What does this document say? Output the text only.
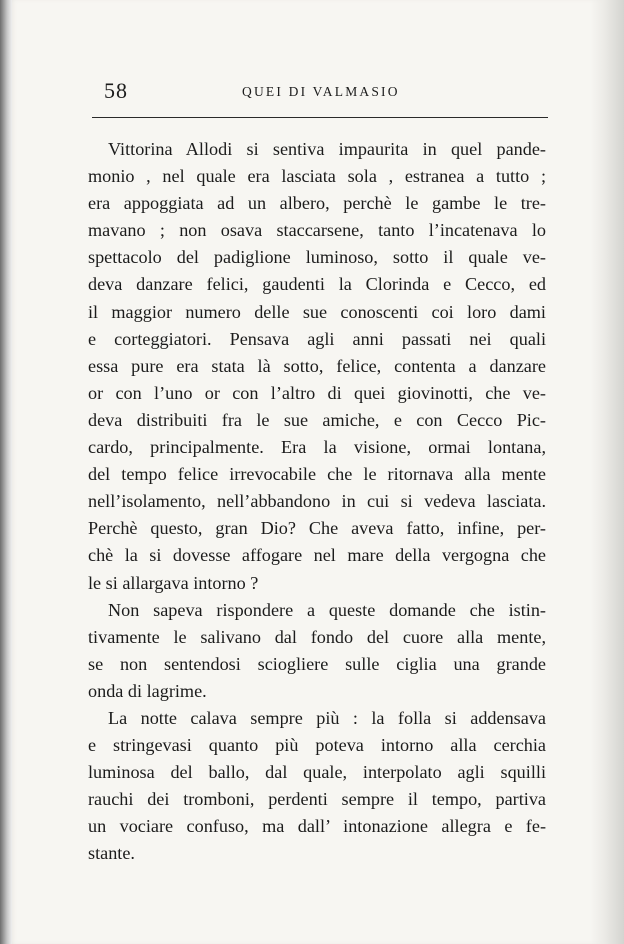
58	QUEI DI VALMASIO
Vittorina Allodi si sentiva impaurita in quel pande-
monio , nel quale era lasciata sola , estranea a tutto ;
era appoggiata ad un albero, perchè le gambe le tre-
mavano ; non osava staccarsene, tanto l’incatenava lo
spettacolo del padiglione luminoso, sotto il quale ve-
deva danzare felici, gaudenti la Clorinda e Cecco, ed
il maggior numero delle sue conoscenti coi loro dami
e corteggiatori. Pensava agli anni passati nei quali
essa pure era stata là sotto, felice, contenta a danzare
or con l’uno or con l’altro di quei giovinotti, che ve-
deva distribuiti fra le sue amiche, e con Cecco Pic-
cardo, principalmente. Era la visione, ormai lontana,
del tempo felice irrevocabile che le ritornava alla mente
nell’isolamento, nell’abbandono in cui si vedeva lasciata.
Perchè questo, gran Dio? Che aveva fatto, infine, per-
chè la si dovesse affogare nel mare della vergogna che
le si allargava intorno ?
Non sapeva rispondere a queste domande che istin-
tivamente le salivano dal fondo del cuore alla mente,
se non sentendosi sciogliere sulle ciglia una grande
onda di lagrime.
La notte calava sempre più : la folla si addensava
e stringevasi quanto più poteva intorno alla cerchia
luminosa del ballo, dal quale, interpolato agli squilli
rauchi dei tromboni, perdenti sempre il tempo, partiva
un vociare confuso, ma dall’ intonazione allegra e fe-
stante.
